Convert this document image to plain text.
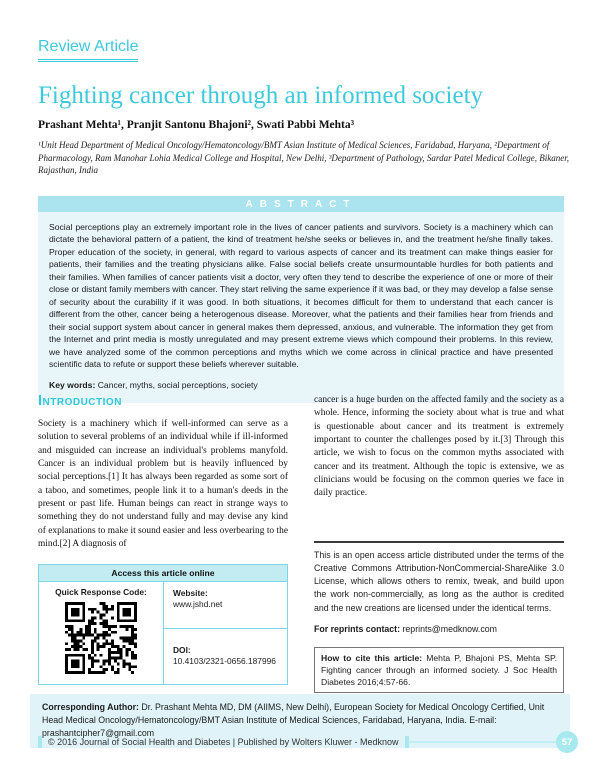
Review Article
Fighting cancer through an informed society
Prashant Mehta¹, Pranjit Santonu Bhajoni², Swati Pabbi Mehta³
¹Unit Head Department of Medical Oncology/Hematoncology/BMT Asian Institute of Medical Sciences, Faridabad, Haryana, ²Department of Pharmacology, Ram Manohar Lohia Medical College and Hospital, New Delhi, ³Department of Pathology, Sardar Patel Medical College, Bikaner, Rajasthan, India
ABSTRACT

Social perceptions play an extremely important role in the lives of cancer patients and survivors. Society is a machinery which can dictate the behavioral pattern of a patient, the kind of treatment he/she seeks or believes in, and the treatment he/she finally takes. Proper education of the society, in general, with regard to various aspects of cancer and its treatment can make things easier for patients, their families and the treating physicians alike. False social beliefs create unsurmountable hurdles for both patients and their families. When families of cancer patients visit a doctor, very often they tend to describe the experience of one or more of their close or distant family members with cancer. They start reliving the same experience if it was bad, or they may develop a false sense of security about the curability if it was good. In both situations, it becomes difficult for them to understand that each cancer is different from the other, cancer being a heterogenous disease. Moreover, what the patients and their families hear from friends and their social support system about cancer in general makes them depressed, anxious, and vulnerable. The information they get from the Internet and print media is mostly unregulated and may present extreme views which compound their problems. In this review, we have analyzed some of the common perceptions and myths which we come across in clinical practice and have presented scientific data to refute or support these beliefs wherever suitable.

Key words: Cancer, myths, social perceptions, society

Introduction

Society is a machinery which if well-informed can serve as a solution to several problems of an individual while if ill-informed and misguided can increase an individual's problems manyfold. Cancer is an individual problem but is heavily influenced by social perceptions.[1] It has always been regarded as some sort of a taboo, and sometimes, people link it to a human's deeds in the present or past life. Human beings can react in strange ways to something they do not understand fully and may devise any kind of explanations to make it sound easier and less overbearing to the mind.[2] A diagnosis of

Access this article online
Quick Response Code:	Website:
www.jshd.net
DOI:
10.4103/2321-0656.187996

cancer is a huge burden on the affected family and the society as a whole. Hence, informing the society about what is true and what is questionable about cancer and its treatment is extremely important to counter the challenges posed by it.[3] Through this article, we wish to focus on the common myths associated with cancer and its treatment. Although the topic is extensive, we as clinicians would be focusing on the common queries we face in daily practice.

This is an open access article distributed under the terms of the Creative Commons Attribution-NonCommercial-ShareAlike 3.0 License, which allows others to remix, tweak, and build upon the work non-commercially, as long as the author is credited and the new creations are licensed under the identical terms.

For reprints contact: reprints@medknow.com

How to cite this article: Mehta P, Bhajoni PS, Mehta SP. Fighting cancer through an informed society. J Soc Health Diabetes 2016;4:57-66.
Corresponding Author: Dr. Prashant Mehta MD, DM (AIIMS, New Delhi), European Society for Medical Oncology Certified, Unit Head Medical Oncology/Hematoncology/BMT Asian Institute of Medical Sciences, Faridabad, Haryana, India. E-mail: prashantcipher7@gmail.com
© 2016 Journal of Social Health and Diabetes | Published by Wolters Kluwer - Medknow	57
